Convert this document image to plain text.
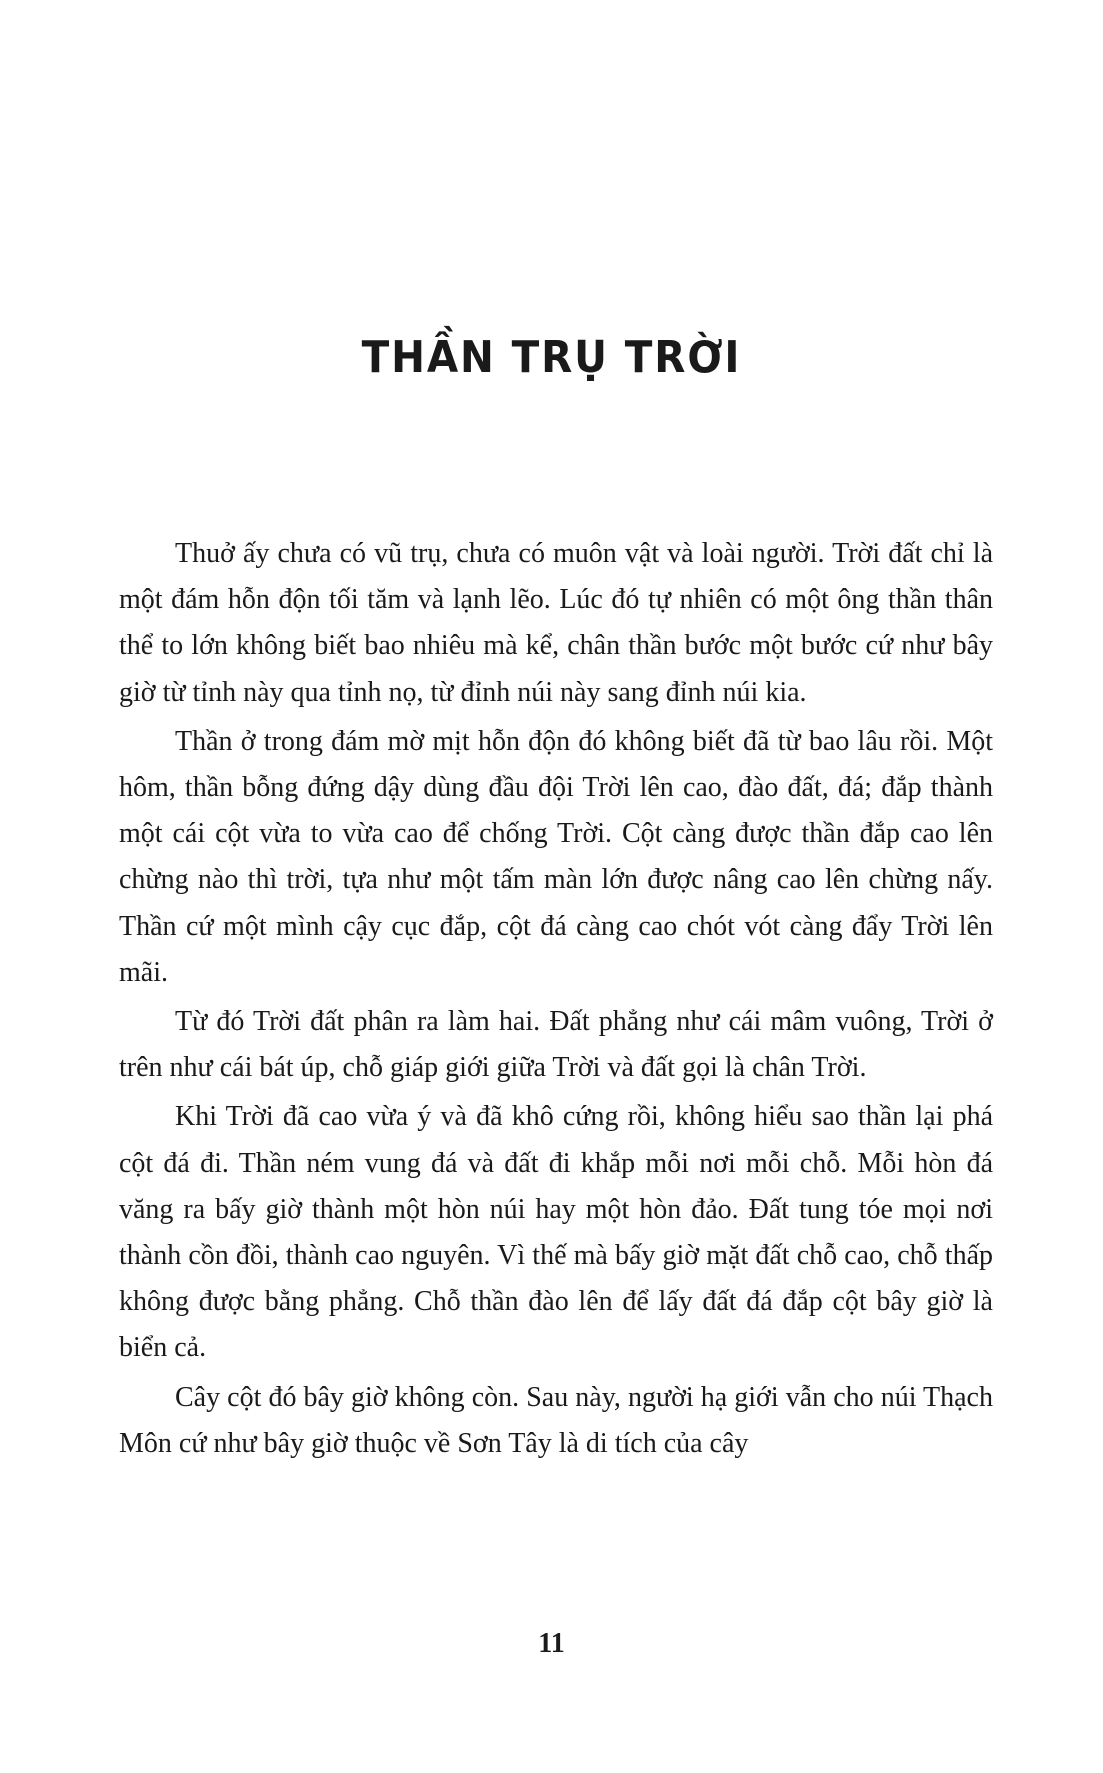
THẦN TRỤ TRỜI

Thuở ấy chưa có vũ trụ, chưa có muôn vật và loài người. Trời đất chỉ là một đám hỗn độn tối tăm và lạnh lẽo. Lúc đó tự nhiên có một ông thần thân thể to lớn không biết bao nhiêu mà kể, chân thần bước một bước cứ như bây giờ từ tỉnh này qua tỉnh nọ, từ đỉnh núi này sang đỉnh núi kia.

Thần ở trong đám mờ mịt hỗn độn đó không biết đã từ bao lâu rồi. Một hôm, thần bỗng đứng dậy dùng đầu đội Trời lên cao, đào đất, đá; đắp thành một cái cột vừa to vừa cao để chống Trời. Cột càng được thần đắp cao lên chừng nào thì trời, tựa như một tấm màn lớn được nâng cao lên chừng nấy. Thần cứ một mình cậy cục đắp, cột đá càng cao chót vót càng đẩy Trời lên mãi.

Từ đó Trời đất phân ra làm hai. Đất phẳng như cái mâm vuông, Trời ở trên như cái bát úp, chỗ giáp giới giữa Trời và đất gọi là chân Trời.

Khi Trời đã cao vừa ý và đã khô cứng rồi, không hiểu sao thần lại phá cột đá đi. Thần ném vung đá và đất đi khắp mỗi nơi mỗi chỗ. Mỗi hòn đá văng ra bấy giờ thành một hòn núi hay một hòn đảo. Đất tung tóe mọi nơi thành cồn đồi, thành cao nguyên. Vì thế mà bấy giờ mặt đất chỗ cao, chỗ thấp không được bằng phẳng. Chỗ thần đào lên để lấy đất đá đắp cột bây giờ là biển cả.

Cây cột đó bây giờ không còn. Sau này, người hạ giới vẫn cho núi Thạch Môn cứ như bây giờ thuộc về Sơn Tây là di tích của cây

11
